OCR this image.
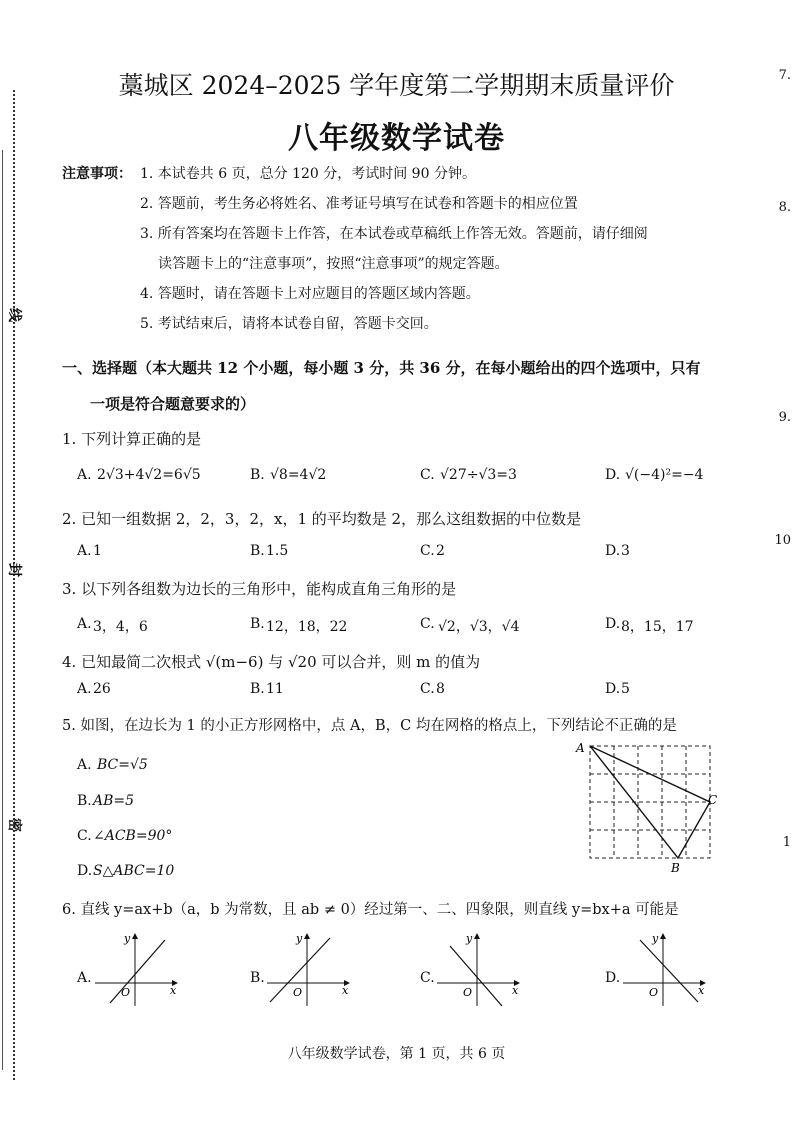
线
封
密
7.
8.
9.
10
1
藁城区 2024–2025 学年度第二学期期末质量评价
八年级数学试卷
注意事项： 1. 本试卷共 6 页，总分 120 分，考试时间 90 分钟。
2. 答题前，考生务必将姓名、准考证号填写在试卷和答题卡的相应位置
3. 所有答案均在答题卡上作答，在本试卷或草稿纸上作答无效。答题前，请仔细阅
读答题卡上的“注意事项”，按照“注意事项”的规定答题。
4. 答题时，请在答题卡上对应题目的答题区域内答题。
5. 考试结束后，请将本试卷自留，答题卡交回。
一、选择题（本大题共 12 个小题，每小题 3 分，共 36 分，在每小题给出的四个选项中，只有
一项是符合题意要求的）
1. 下列计算正确的是
A. 2√3+4√2=6√5	B. √8=4√2	C. √27÷√3=3	D. √(−4)²=−4
2. 已知一组数据 2，2，3，2，x，1 的平均数是 2，那么这组数据的中位数是
A. 1	B. 1.5	C. 2	D. 3
3. 以下列各组数为边长的三角形中，能构成直角三角形的是
A. 3，4，6	B. 12，18，22	C. √2，√3，√4	D. 8，15，17
4. 已知最简二次根式 √(m−6) 与 √20 可以合并，则 m 的值为
A. 26	B. 11	C. 8	D. 5
5. 如图，在边长为 1 的小正方形网格中，点 A，B，C 均在网格的格点上，下列结论不正确的是
A. BC=√5
B. AB=5
C. ∠ACB=90°
D. S△ABC=10
A
B
C
6. 直线 y=ax+b（a，b 为常数，且 ab ≠ 0）经过第一、二、四象限，则直线 y=bx+a 可能是
A.
y
x
O
B.
y
x
O
C.
y
x
O
D.
y
x
O
八年级数学试卷，第 1 页，共 6 页
